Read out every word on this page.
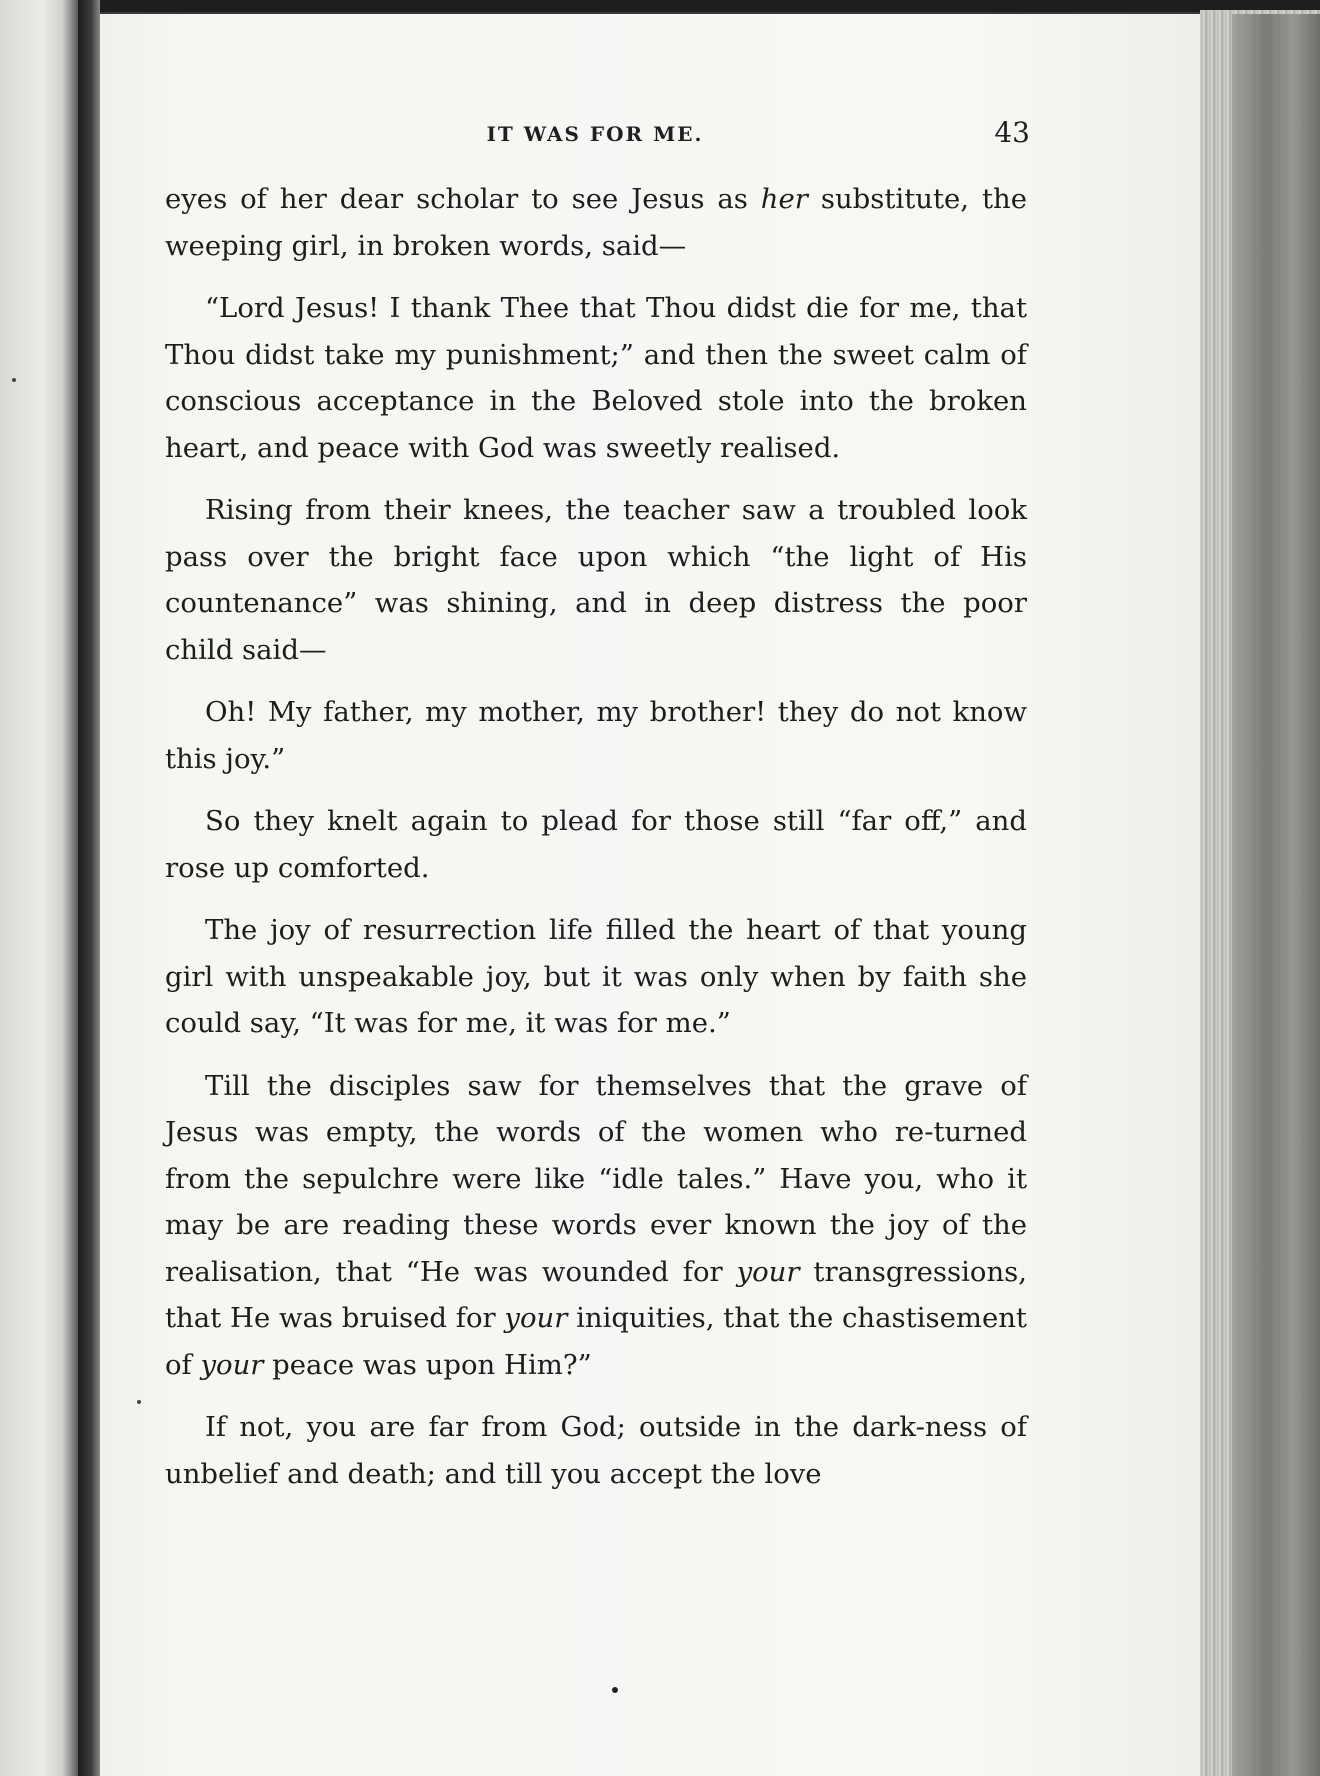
IT WAS FOR ME.	43

eyes of her dear scholar to see Jesus as her substitute, the weeping girl, in broken words, said—

“Lord Jesus! I thank Thee that Thou didst die for me, that Thou didst take my punishment;” and then the sweet calm of conscious acceptance in the Beloved stole into the broken heart, and peace with God was sweetly realised.

Rising from their knees, the teacher saw a troubled look pass over the bright face upon which “the light of His countenance” was shining, and in deep distress the poor child said—

Oh! My father, my mother, my brother! they do not know this joy.”

So they knelt again to plead for those still “far off,” and rose up comforted.

The joy of resurrection life filled the heart of that young girl with unspeakable joy, but it was only when by faith she could say, “It was for me, it was for me.”

Till the disciples saw for themselves that the grave of Jesus was empty, the words of the women who re-turned from the sepulchre were like “idle tales.” Have you, who it may be are reading these words ever known the joy of the realisation, that “He was wounded for your transgressions, that He was bruised for your iniquities, that the chastisement of your peace was upon Him?”

If not, you are far from God; outside in the dark-ness of unbelief and death; and till you accept the love
